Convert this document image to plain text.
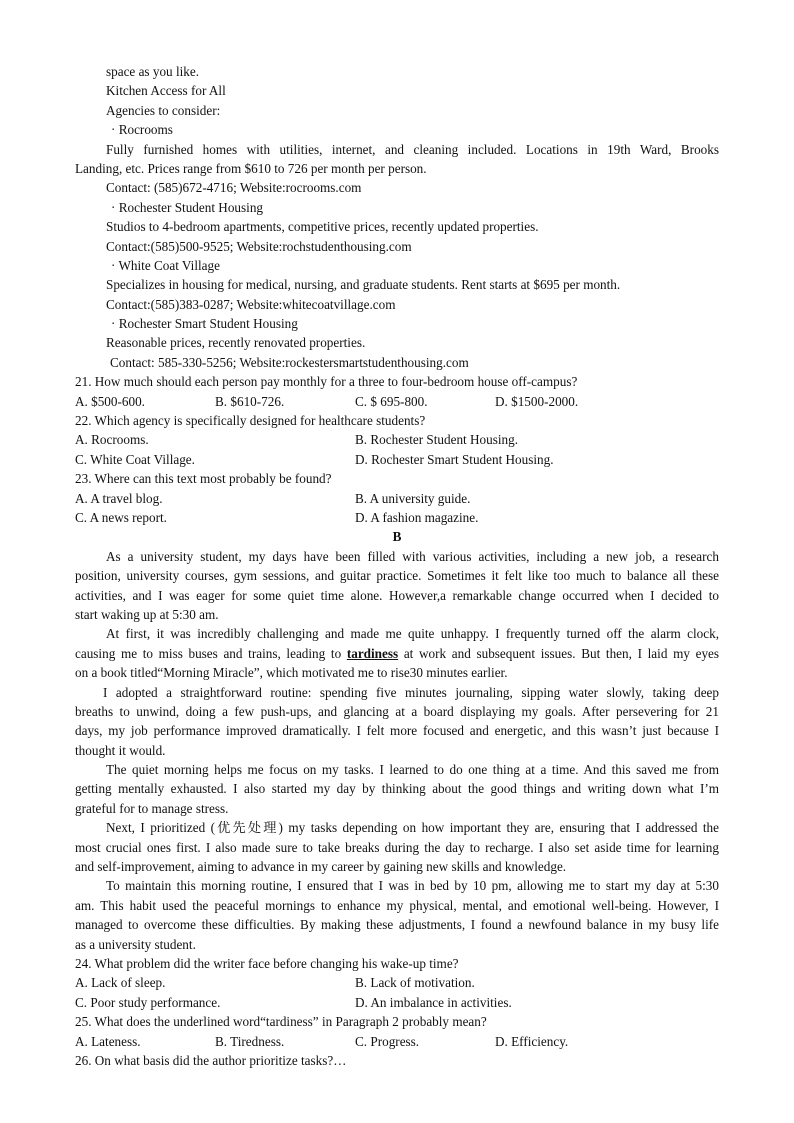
space as you like.
Kitchen Access for All
Agencies to consider:
· Rocrooms
Fully furnished homes with utilities, internet, and cleaning included. Locations in 19th Ward, Brooks
Landing, etc. Prices range from $610 to 726 per month per person.
Contact: (585)672-4716; Website:rocrooms.com
· Rochester Student Housing
Studios to 4-bedroom apartments, competitive prices, recently updated properties.
Contact:(585)500-9525; Website:rochstudenthousing.com
· White Coat Village
Specializes in housing for medical, nursing, and graduate students. Rent starts at $695 per month.
Contact:(585)383-0287; Website:whitecoatvillage.com
· Rochester Smart Student Housing
Reasonable prices, recently renovated properties.
Contact: 585-330-5256; Website:rockestersmartstudenthousing.com
21. How much should each person pay monthly for a three to four-bedroom house off-campus?
A. $500-600.	B. $610-726.	C. $ 695-800.	D. $1500-2000.
22. Which agency is specifically designed for healthcare students?
A. Rocrooms.	B. Rochester Student Housing.
C. White Coat Village.	D. Rochester Smart Student Housing.
23. Where can this text most probably be found?
A. A travel blog.	B. A university guide.
C. A news report.	D. A fashion magazine.
B
As a university student, my days have been filled with various activities, including a new job, a research
position, university courses, gym sessions, and guitar practice. Sometimes it felt like too much to balance all these
activities, and I was eager for some quiet time alone. However,a remarkable change occurred when I decided to
start waking up at 5:30 am.
At first, it was incredibly challenging and made me quite unhappy. I frequently turned off the alarm clock,
causing me to miss buses and trains, leading to tardiness at work and subsequent issues. But then, I laid my eyes
on a book titled“Morning Miracle”, which motivated me to rise30 minutes earlier.
I adopted a straightforward routine: spending five minutes journaling, sipping water slowly, taking deep
breaths to unwind, doing a few push-ups, and glancing at a board displaying my goals. After persevering for 21
days, my job performance improved dramatically. I felt more focused and energetic, and this wasn’t just because I
thought it would.
The quiet morning helps me focus on my tasks. I learned to do one thing at a time. And this saved me from
getting mentally exhausted. I also started my day by thinking about the good things and writing down what I’m
grateful for to manage stress.
Next, I prioritized (优先处理) my tasks depending on how important they are, ensuring that I addressed the
most crucial ones first. I also made sure to take breaks during the day to recharge. I also set aside time for learning
and self-improvement, aiming to advance in my career by gaining new skills and knowledge.
To maintain this morning routine, I ensured that I was in bed by 10 pm, allowing me to start my day at 5:30
am. This habit used the peaceful mornings to enhance my physical, mental, and emotional well-being. However, I
managed to overcome these difficulties. By making these adjustments, I found a newfound balance in my busy life
as a university student.
24. What problem did the writer face before changing his wake-up time?
A. Lack of sleep.	B. Lack of motivation.
C. Poor study performance.	D. An imbalance in activities.
25. What does the underlined word“tardiness” in Paragraph 2 probably mean?
A. Lateness.	B. Tiredness.	C. Progress.	D. Efficiency.
26. On what basis did the author prioritize tasks?…
